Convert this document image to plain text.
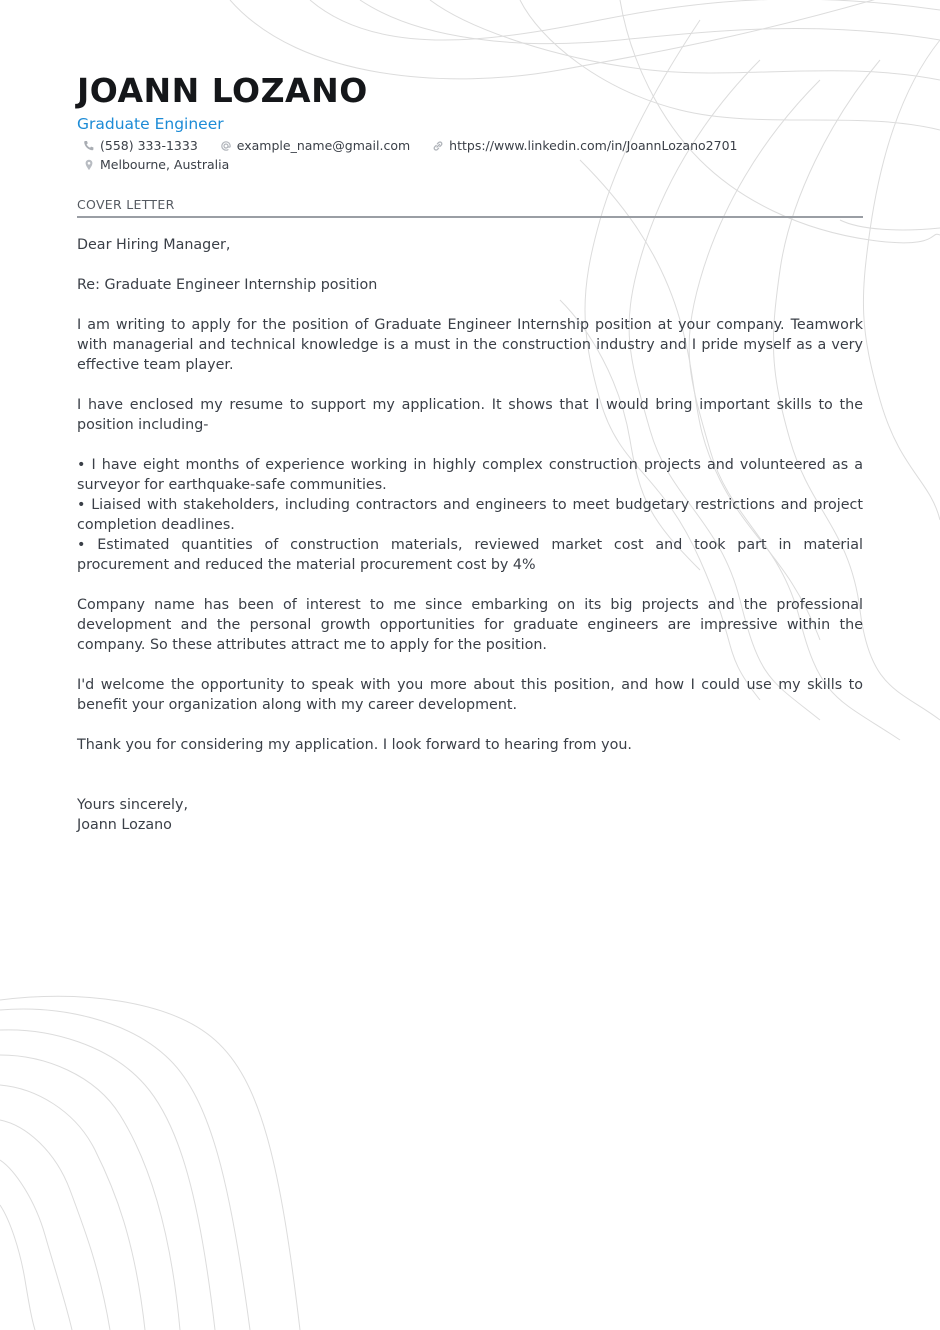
JOANN LOZANO
Graduate Engineer
(558) 333-1333	example_name@gmail.com	https://www.linkedin.com/in/JoannLozano2701
Melbourne, Australia
COVER LETTER

Dear Hiring Manager,

Re: Graduate Engineer Internship position

I am writing to apply for the position of Graduate Engineer Internship position at your company. Teamwork with managerial and technical knowledge is a must in the construction industry and I pride myself as a very effective team player.

I have enclosed my resume to support my application. It shows that I would bring important skills to the position including-

• I have eight months of experience working in highly complex construction projects and volunteered as a surveyor for earthquake-safe communities.

• Liaised with stakeholders, including contractors and engineers to meet budgetary restrictions and project completion deadlines.

• Estimated quantities of construction materials, reviewed market cost and took part in material procurement and reduced the material procurement cost by 4%

Company name has been of interest to me since embarking on its big projects and the professional development and the personal growth opportunities for graduate engineers are impressive within the company. So these attributes attract me to apply for the position.

I'd welcome the opportunity to speak with you more about this position, and how I could use my skills to benefit your organization along with my career development.

Thank you for considering my application. I look forward to hearing from you.

Yours sincerely,
Joann Lozano
